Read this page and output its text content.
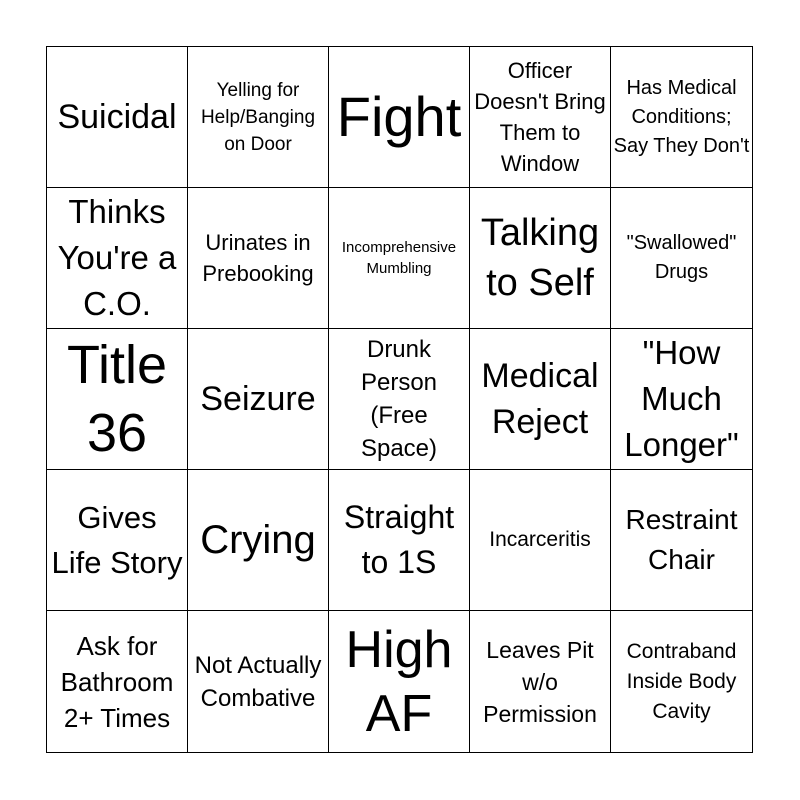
Suicidal
Yelling for Help/Banging on Door Fight
Officer Doesn't Bring Them to Window
Has Medical Conditions; Say They Don't
Thinks You're a C.O.
Urinates in Prebooking
Incomprehensive Mumbling
Talking to Self
"Swallowed" Drugs
Title 36
Seizure
Drunk Person (Free Space)
Medical Reject
"How Much Longer"
Gives Life Story
Crying
Straight to 1S
Incarceritis
Restraint Chair
Ask for Bathroom 2+ Times
Not Actually Combative
High AF
Leaves Pit w/o Permission
Contraband Inside Body Cavity
